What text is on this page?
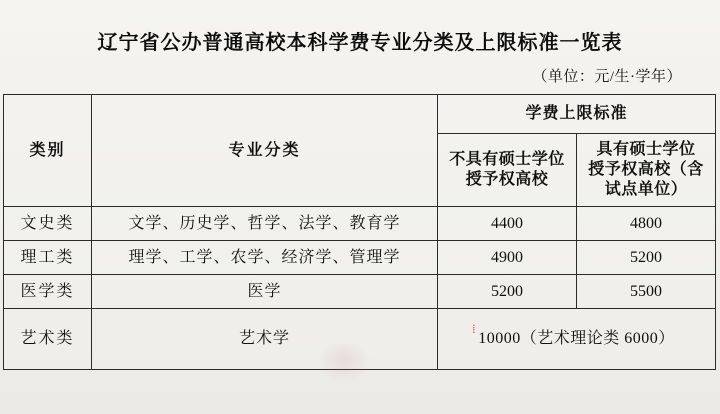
辽宁省公办普通高校本科学费专业分类及上限标准一览表
（单位：元/生·学年）
类别	专业分类	学费上限标准	

不具有硕士学位
授予权高校

具有硕士学位
授予权高校（含
试点单位）

文史类	文学、历史学、哲学、法学、教育学	4400	4800
理工类	理学、工学、农学、经济学、管理学	4900	5200
医学类	医学	5200	5500
艺术类	艺术学	10000（艺术理论类 6000）	
⁞
